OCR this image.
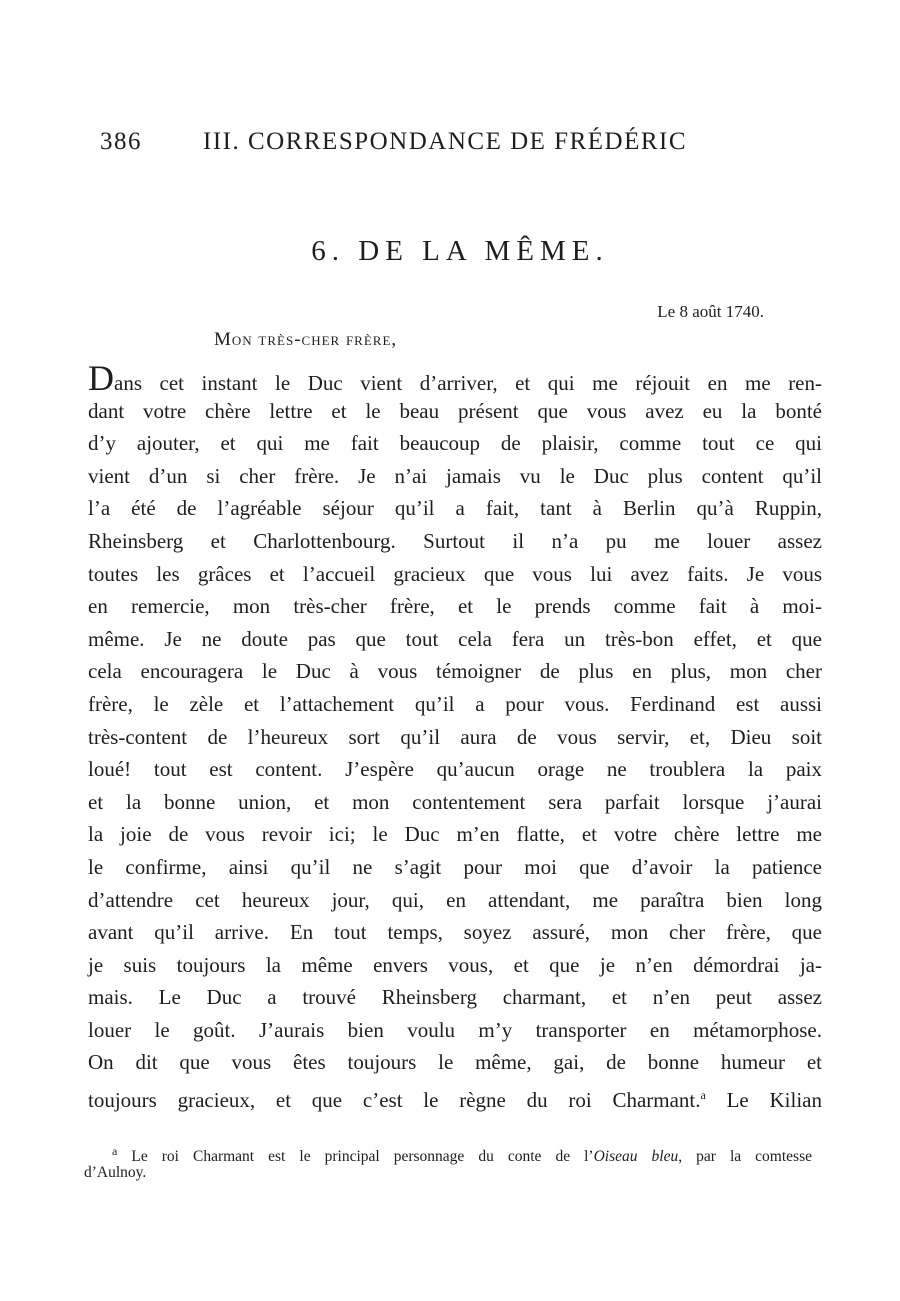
386 III. CORRESPONDANCE DE FRÉDÉRIC
6. DE LA MÊME.
Le 8 août 1740.
Mon très-cher frère,
Dans cet instant le Duc vient d’arriver, et qui me réjouit en me ren-
dant votre chère lettre et le beau présent que vous avez eu la bonté
d’y ajouter, et qui me fait beaucoup de plaisir, comme tout ce qui
vient d’un si cher frère. Je n’ai jamais vu le Duc plus content qu’il
l’a été de l’agréable séjour qu’il a fait, tant à Berlin qu’à Ruppin,
Rheinsberg et Charlottenbourg. Surtout il n’a pu me louer assez
toutes les grâces et l’accueil gracieux que vous lui avez faits. Je vous
en remercie, mon très-cher frère, et le prends comme fait à moi-
même. Je ne doute pas que tout cela fera un très-bon effet, et que
cela encouragera le Duc à vous témoigner de plus en plus, mon cher
frère, le zèle et l’attachement qu’il a pour vous. Ferdinand est aussi
très-content de l’heureux sort qu’il aura de vous servir, et, Dieu soit
loué! tout est content. J’espère qu’aucun orage ne troublera la paix
et la bonne union, et mon contentement sera parfait lorsque j’aurai
la joie de vous revoir ici; le Duc m’en flatte, et votre chère lettre me
le confirme, ainsi qu’il ne s’agit pour moi que d’avoir la patience
d’attendre cet heureux jour, qui, en attendant, me paraîtra bien long
avant qu’il arrive. En tout temps, soyez assuré, mon cher frère, que
je suis toujours la même envers vous, et que je n’en démordrai ja-
mais. Le Duc a trouvé Rheinsberg charmant, et n’en peut assez
louer le goût. J’aurais bien voulu m’y transporter en métamorphose.
On dit que vous êtes toujours le même, gai, de bonne humeur et
toujours gracieux, et que c’est le règne du roi Charmant.$^a$ Le Kilian
$^a$ Le roi Charmant est le principal personnage du conte de l’Oiseau bleu, par la comtesse
d’Aulnoy.
